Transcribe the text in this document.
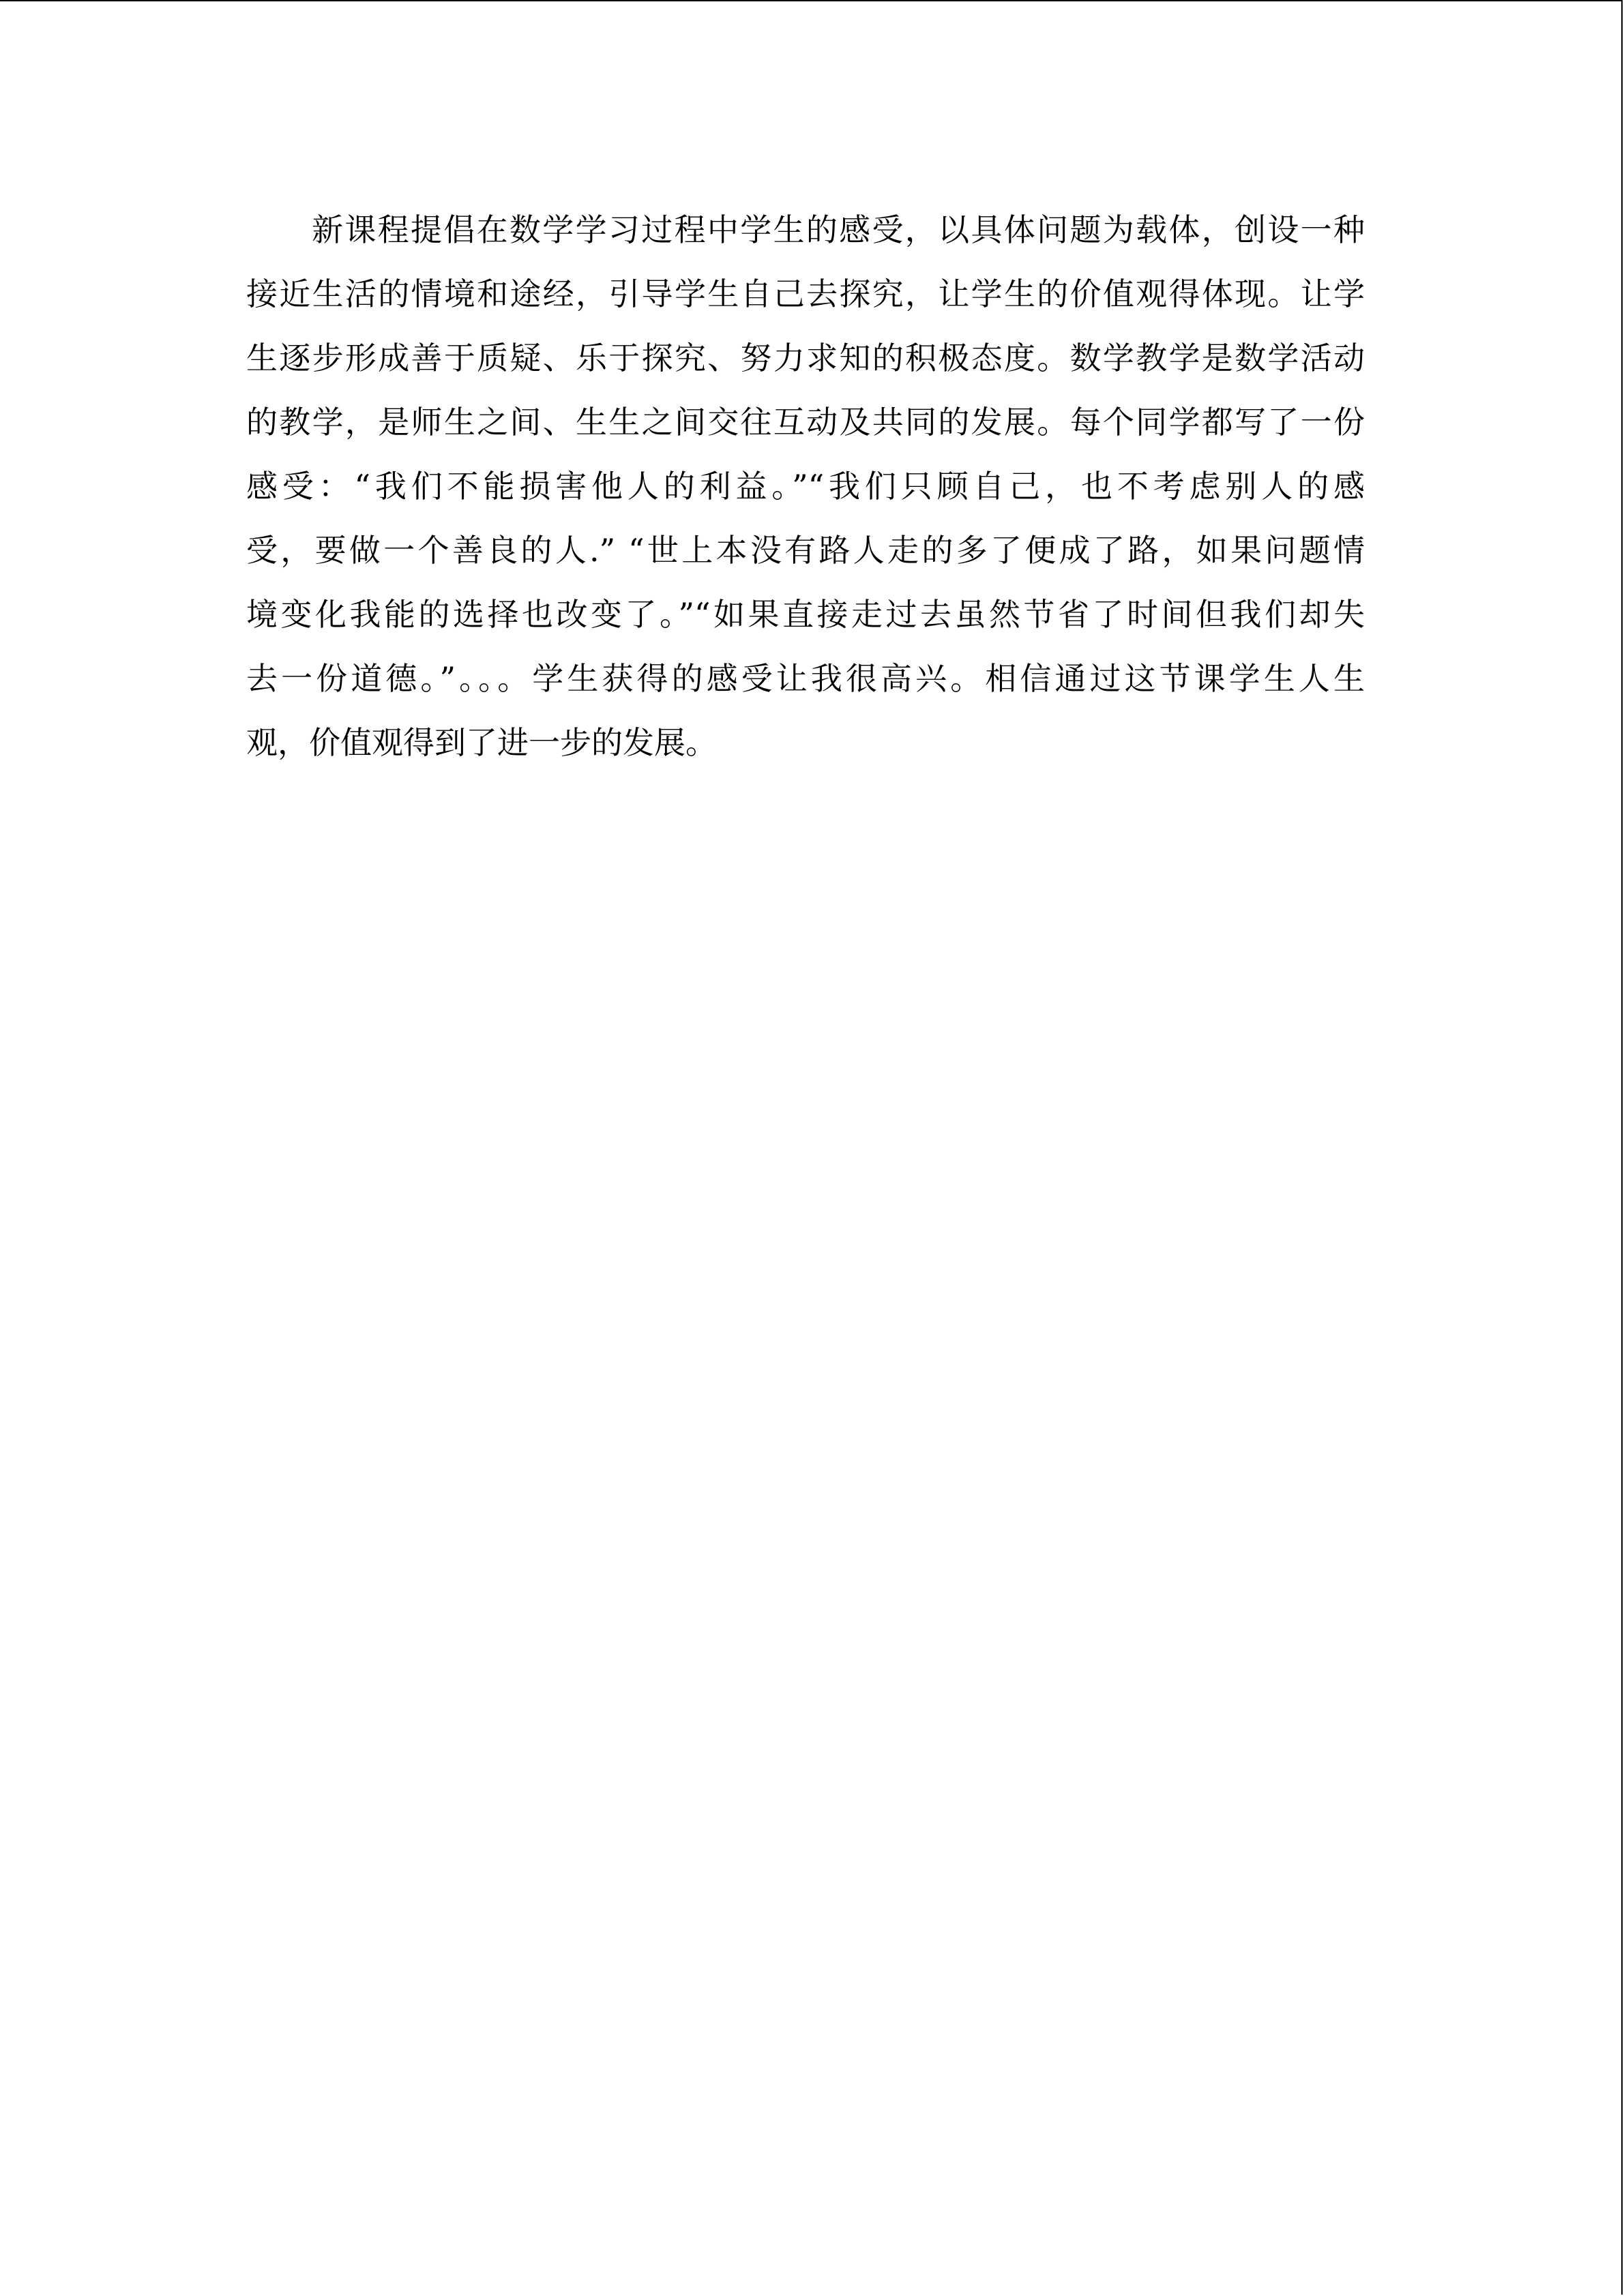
新课程提倡在数学学习过程中学生的感受，以具体问题为载体，创设一种
接近生活的情境和途经，引导学生自己去探究，让学生的价值观得体现。让学
生逐步形成善于质疑、乐于探究、努力求知的积极态度。数学教学是数学活动
的教学，是师生之间、生生之间交往互动及共同的发展。每个同学都写了一份
感受：“我们不能损害他人的利益。”“我们只顾自己，也不考虑别人的感
受，要做一个善良的人.” “世上本没有路人走的多了便成了路，如果问题情
境变化我能的选择也改变了。”“如果直接走过去虽然节省了时间但我们却失
去一份道德。”。。。学生获得的感受让我很高兴。相信通过这节课学生人生
观，价值观得到了进一步的发展。
